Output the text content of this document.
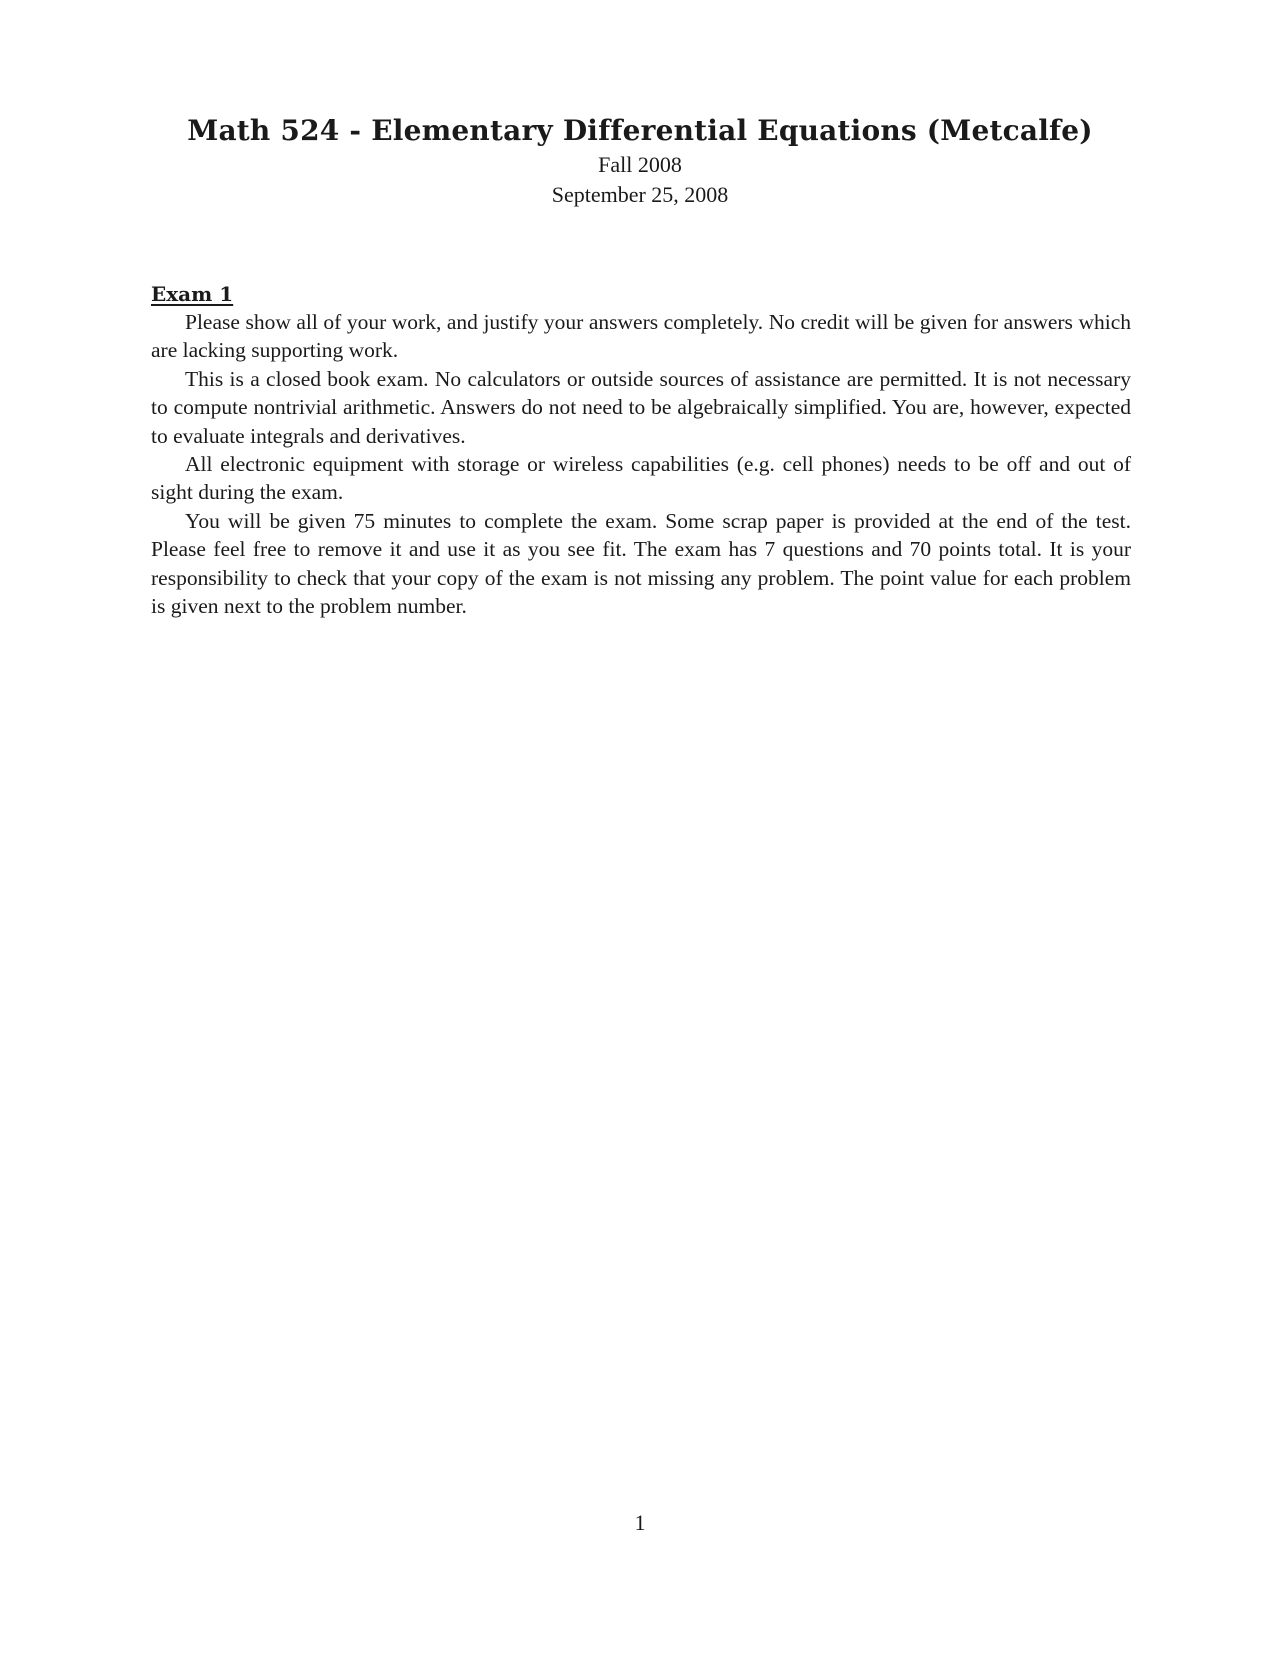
Math 524 - Elementary Differential Equations (Metcalfe)

Fall 2008

September 25, 2008

Exam 1

Please show all of your work, and justify your answers completely. No credit will be given for answers which are lacking supporting work.

This is a closed book exam. No calculators or outside sources of assistance are permitted. It is not necessary to compute nontrivial arithmetic. Answers do not need to be algebraically simplified. You are, however, expected to evaluate integrals and derivatives.

All electronic equipment with storage or wireless capabilities (e.g. cell phones) needs to be off and out of sight during the exam.

You will be given 75 minutes to complete the exam. Some scrap paper is provided at the end of the test. Please feel free to remove it and use it as you see fit. The exam has 7 questions and 70 points total. It is your responsibility to check that your copy of the exam is not missing any problem. The point value for each problem is given next to the problem number.

1
